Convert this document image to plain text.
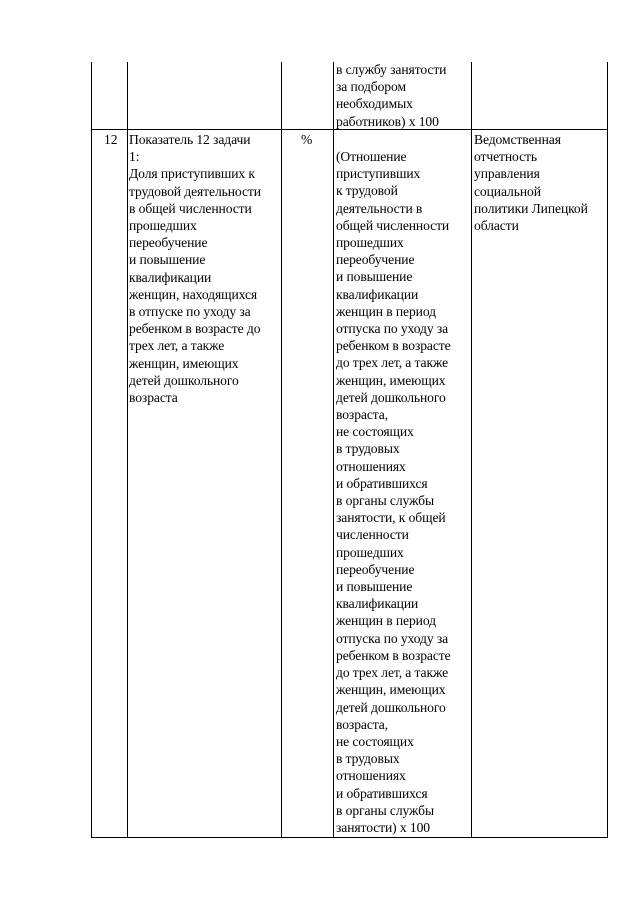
в службу занятости
за подбором
необходимых
работников) х 100
12 Показатель 12 задачи
1:
Доля приступивших к
трудовой деятельности
в общей численности
прошедших
переобучение
и повышение
квалификации
женщин, находящихся
в отпуске по уходу за
ребенком в возрасте до
трех лет, а также
женщин, имеющих
детей дошкольного
возраста
%
(Отношение
приступивших
к трудовой
деятельности в
общей численности
прошедших
переобучение
и повышение
квалификации
женщин в период
отпуска по уходу за
ребенком в возрасте
до трех лет, а также
женщин, имеющих
детей дошкольного
возраста,
не состоящих
в трудовых
отношениях
и обратившихся
в органы службы
занятости, к общей
численности
прошедших
переобучение
и повышение
квалификации
женщин в период
отпуска по уходу за
ребенком в возрасте
до трех лет, а также
женщин, имеющих
детей дошкольного
возраста,
не состоящих
в трудовых
отношениях
и обратившихся
в органы службы
занятости) х 100
Ведомственная
отчетность
управления
социальной
политики Липецкой
области
